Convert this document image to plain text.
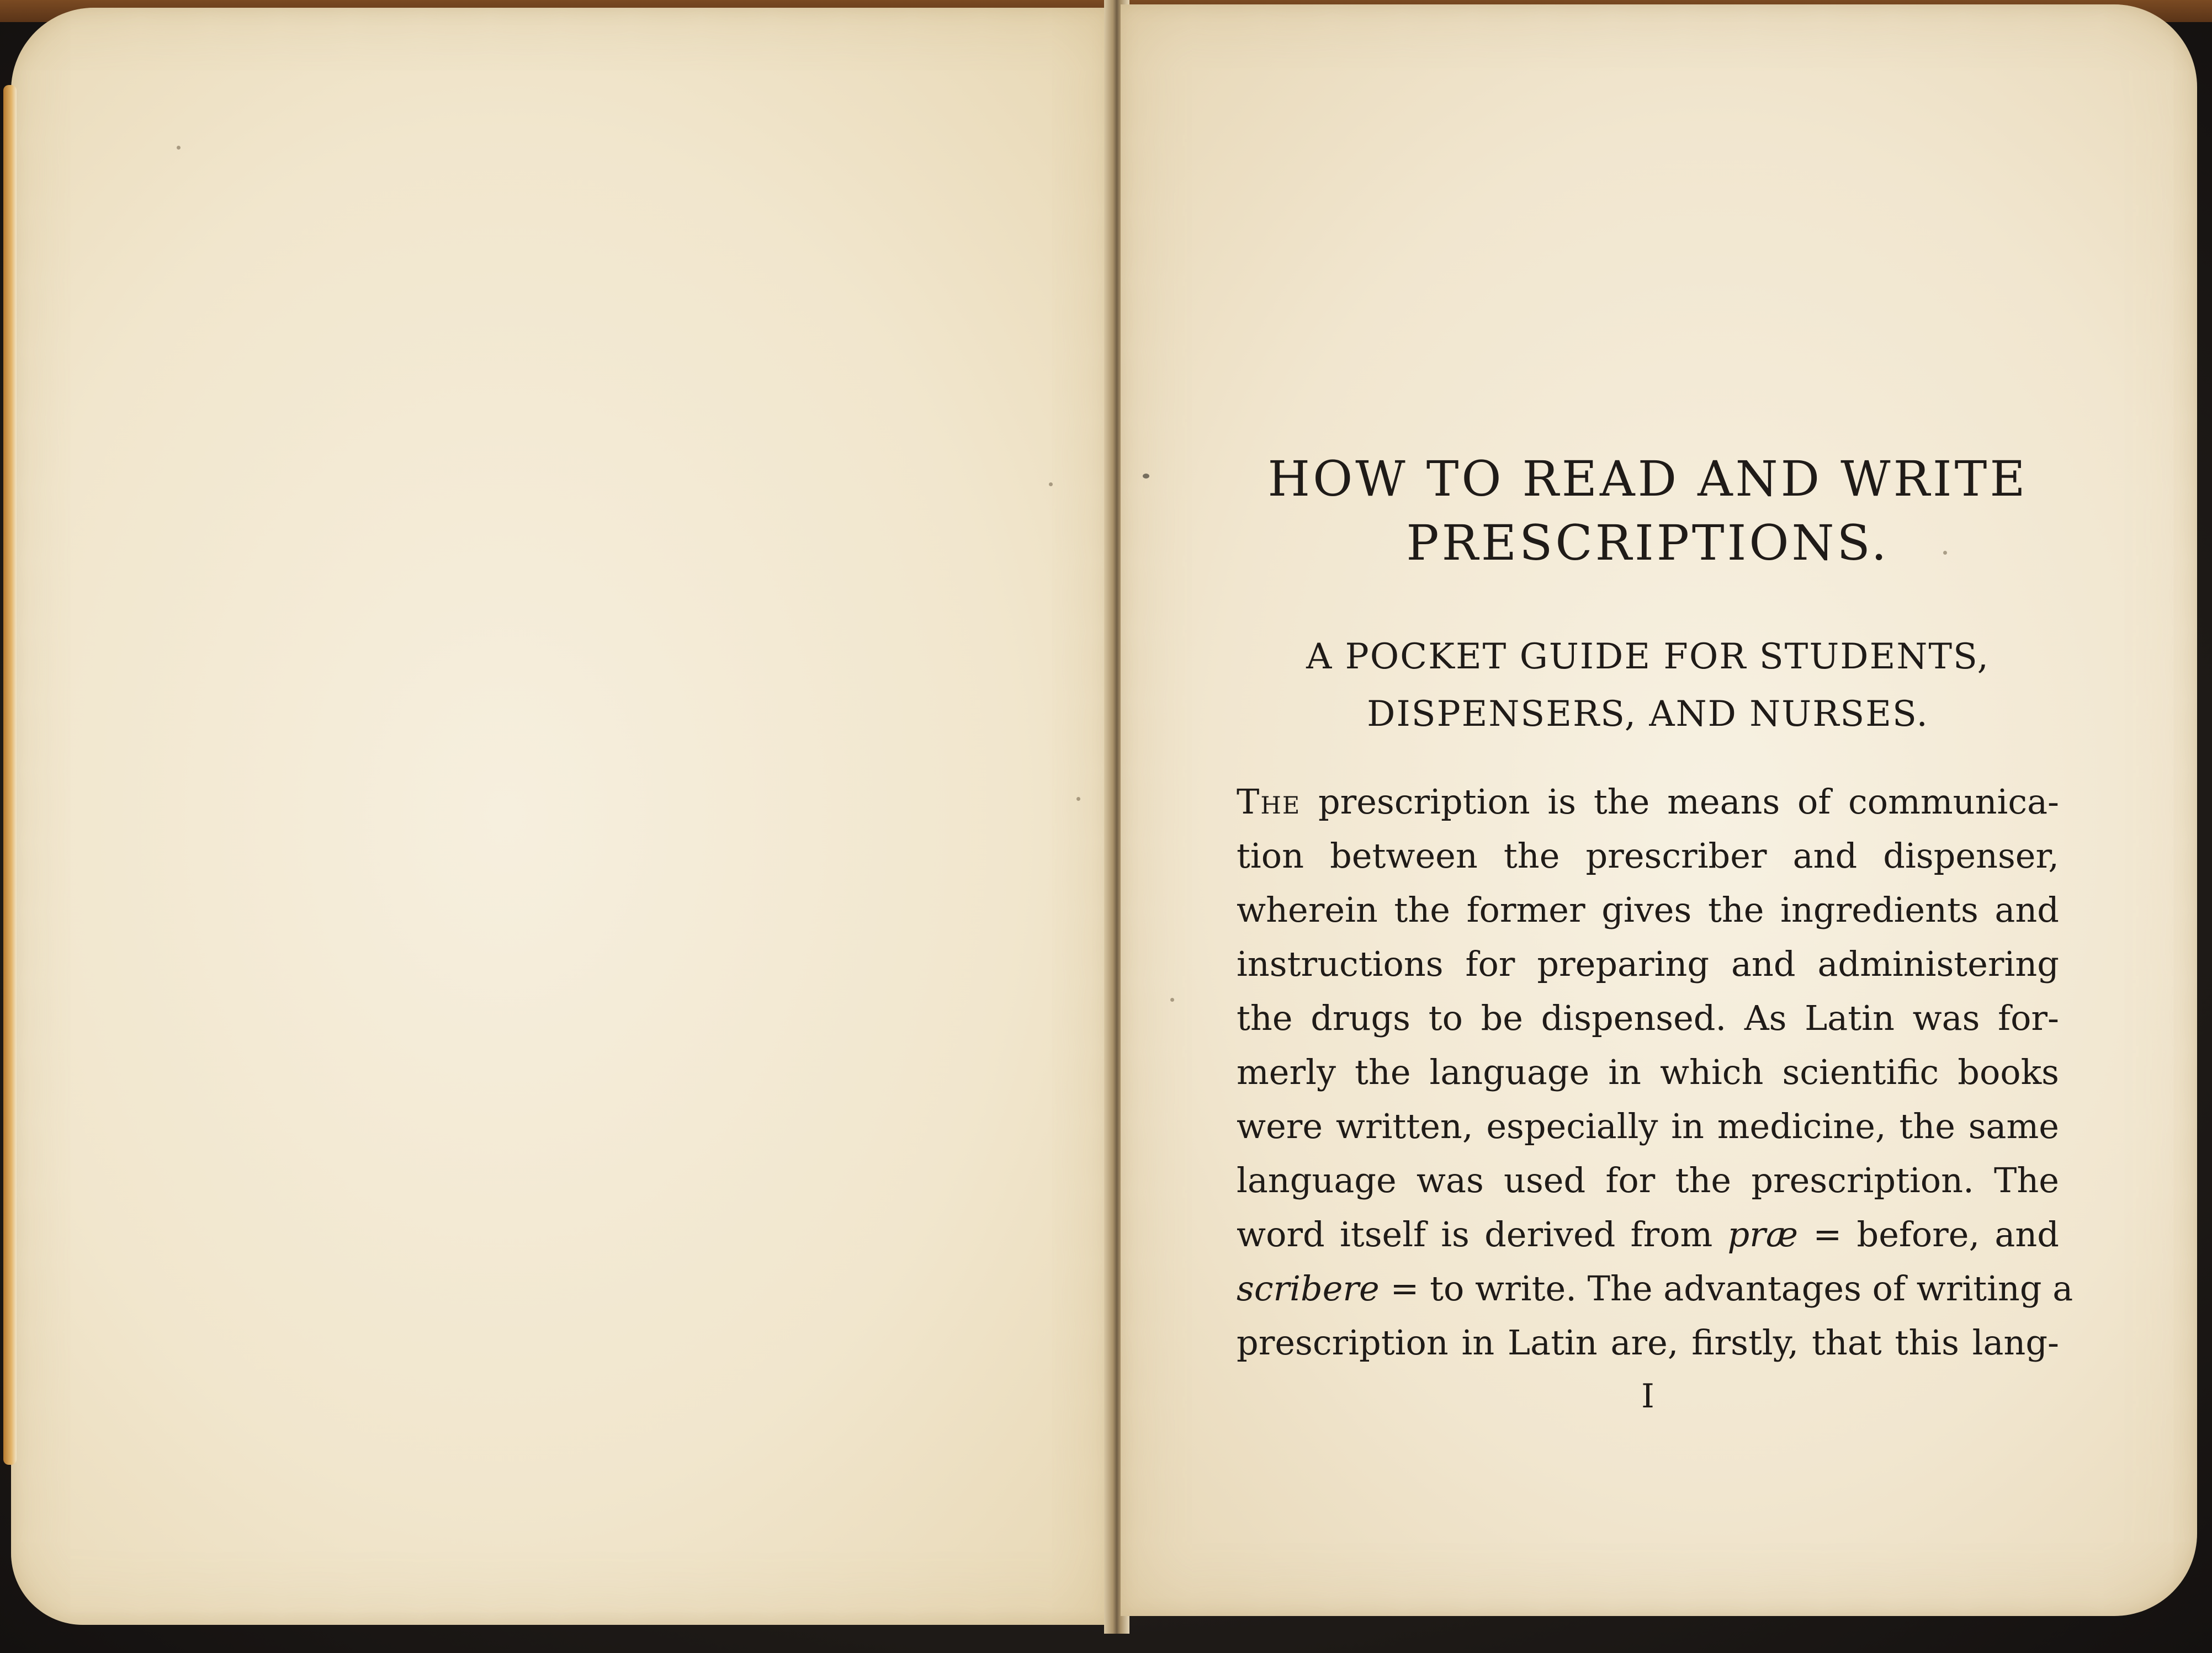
HOW TO READ AND WRITE
PRESCRIPTIONS.

A POCKET GUIDE FOR STUDENTS,
DISPENSERS, AND NURSES.

The prescription is the means of communica-
tion between the prescriber and dispenser,
wherein the former gives the ingredients and
instructions for preparing and administering
the drugs to be dispensed. As Latin was for-
merly the language in which scientific books
were written, especially in medicine, the same
language was used for the prescription. The
word itself is derived from præ = before, and
scribere = to write. The advantages of writing a
prescription in Latin are, firstly, that this lang-
I
